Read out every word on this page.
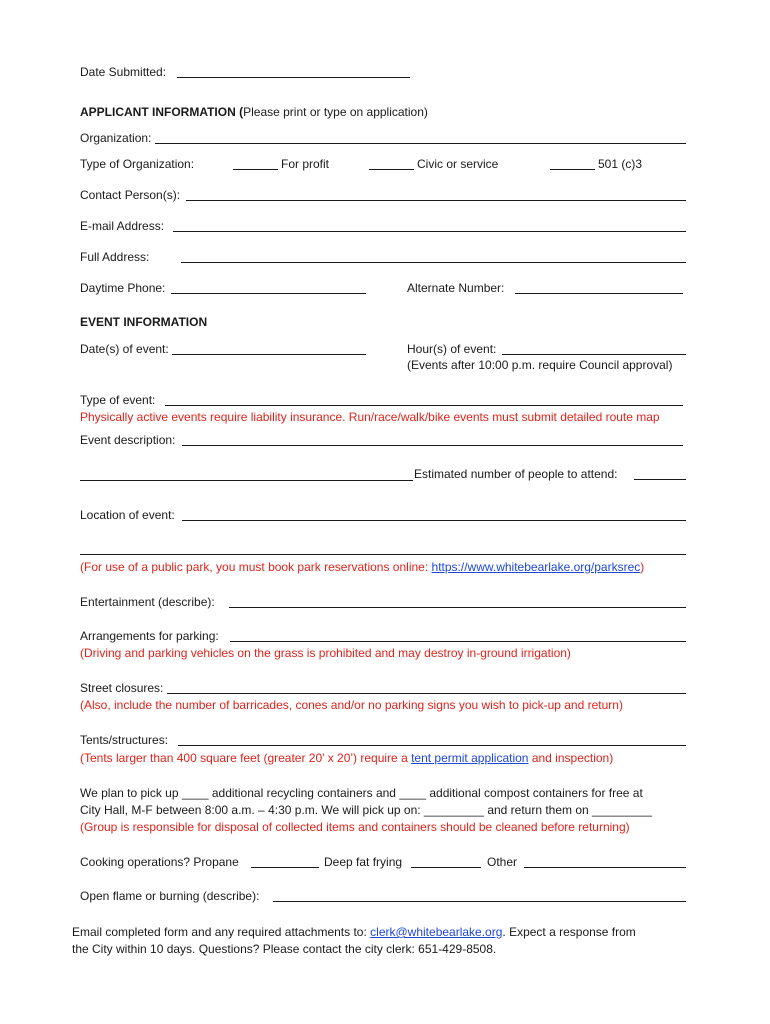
Date Submitted:
APPLICANT INFORMATION (Please print or type on application)
Organization:
Type of Organization:	For profit	Civic or service	501 (c)3
Contact Person(s):
E-mail Address:
Full Address:
Daytime Phone:	Alternate Number:
EVENT INFORMATION
Date(s) of event:	Hour(s) of event:
(Events after 10:00 p.m. require Council approval)
Type of event:
Physically active events require liability insurance. Run/race/walk/bike events must submit detailed route map
Event description:
Estimated number of people to attend:
Location of event:
(For use of a public park, you must book park reservations online: https://www.whitebearlake.org/parksrec)
Entertainment (describe):
Arrangements for parking:
(Driving and parking vehicles on the grass is prohibited and may destroy in-ground irrigation)
Street closures:
(Also, include the number of barricades, cones and/or no parking signs you wish to pick-up and return)
Tents/structures:
(Tents larger than 400 square feet (greater 20’ x 20’) require a tent permit application and inspection)
We plan to pick up ____ additional recycling containers and ____ additional compost containers for free at
City Hall, M-F between 8:00 a.m. – 4:30 p.m. We will pick up on: _________ and return them on _________
(Group is responsible for disposal of collected items and containers should be cleaned before returning)
Cooking operations? Propane	Deep fat frying	Other
Open flame or burning (describe):
Email completed form and any required attachments to: clerk@whitebearlake.org. Expect a response from
the City within 10 days. Questions? Please contact the city clerk: 651-429-8508.
